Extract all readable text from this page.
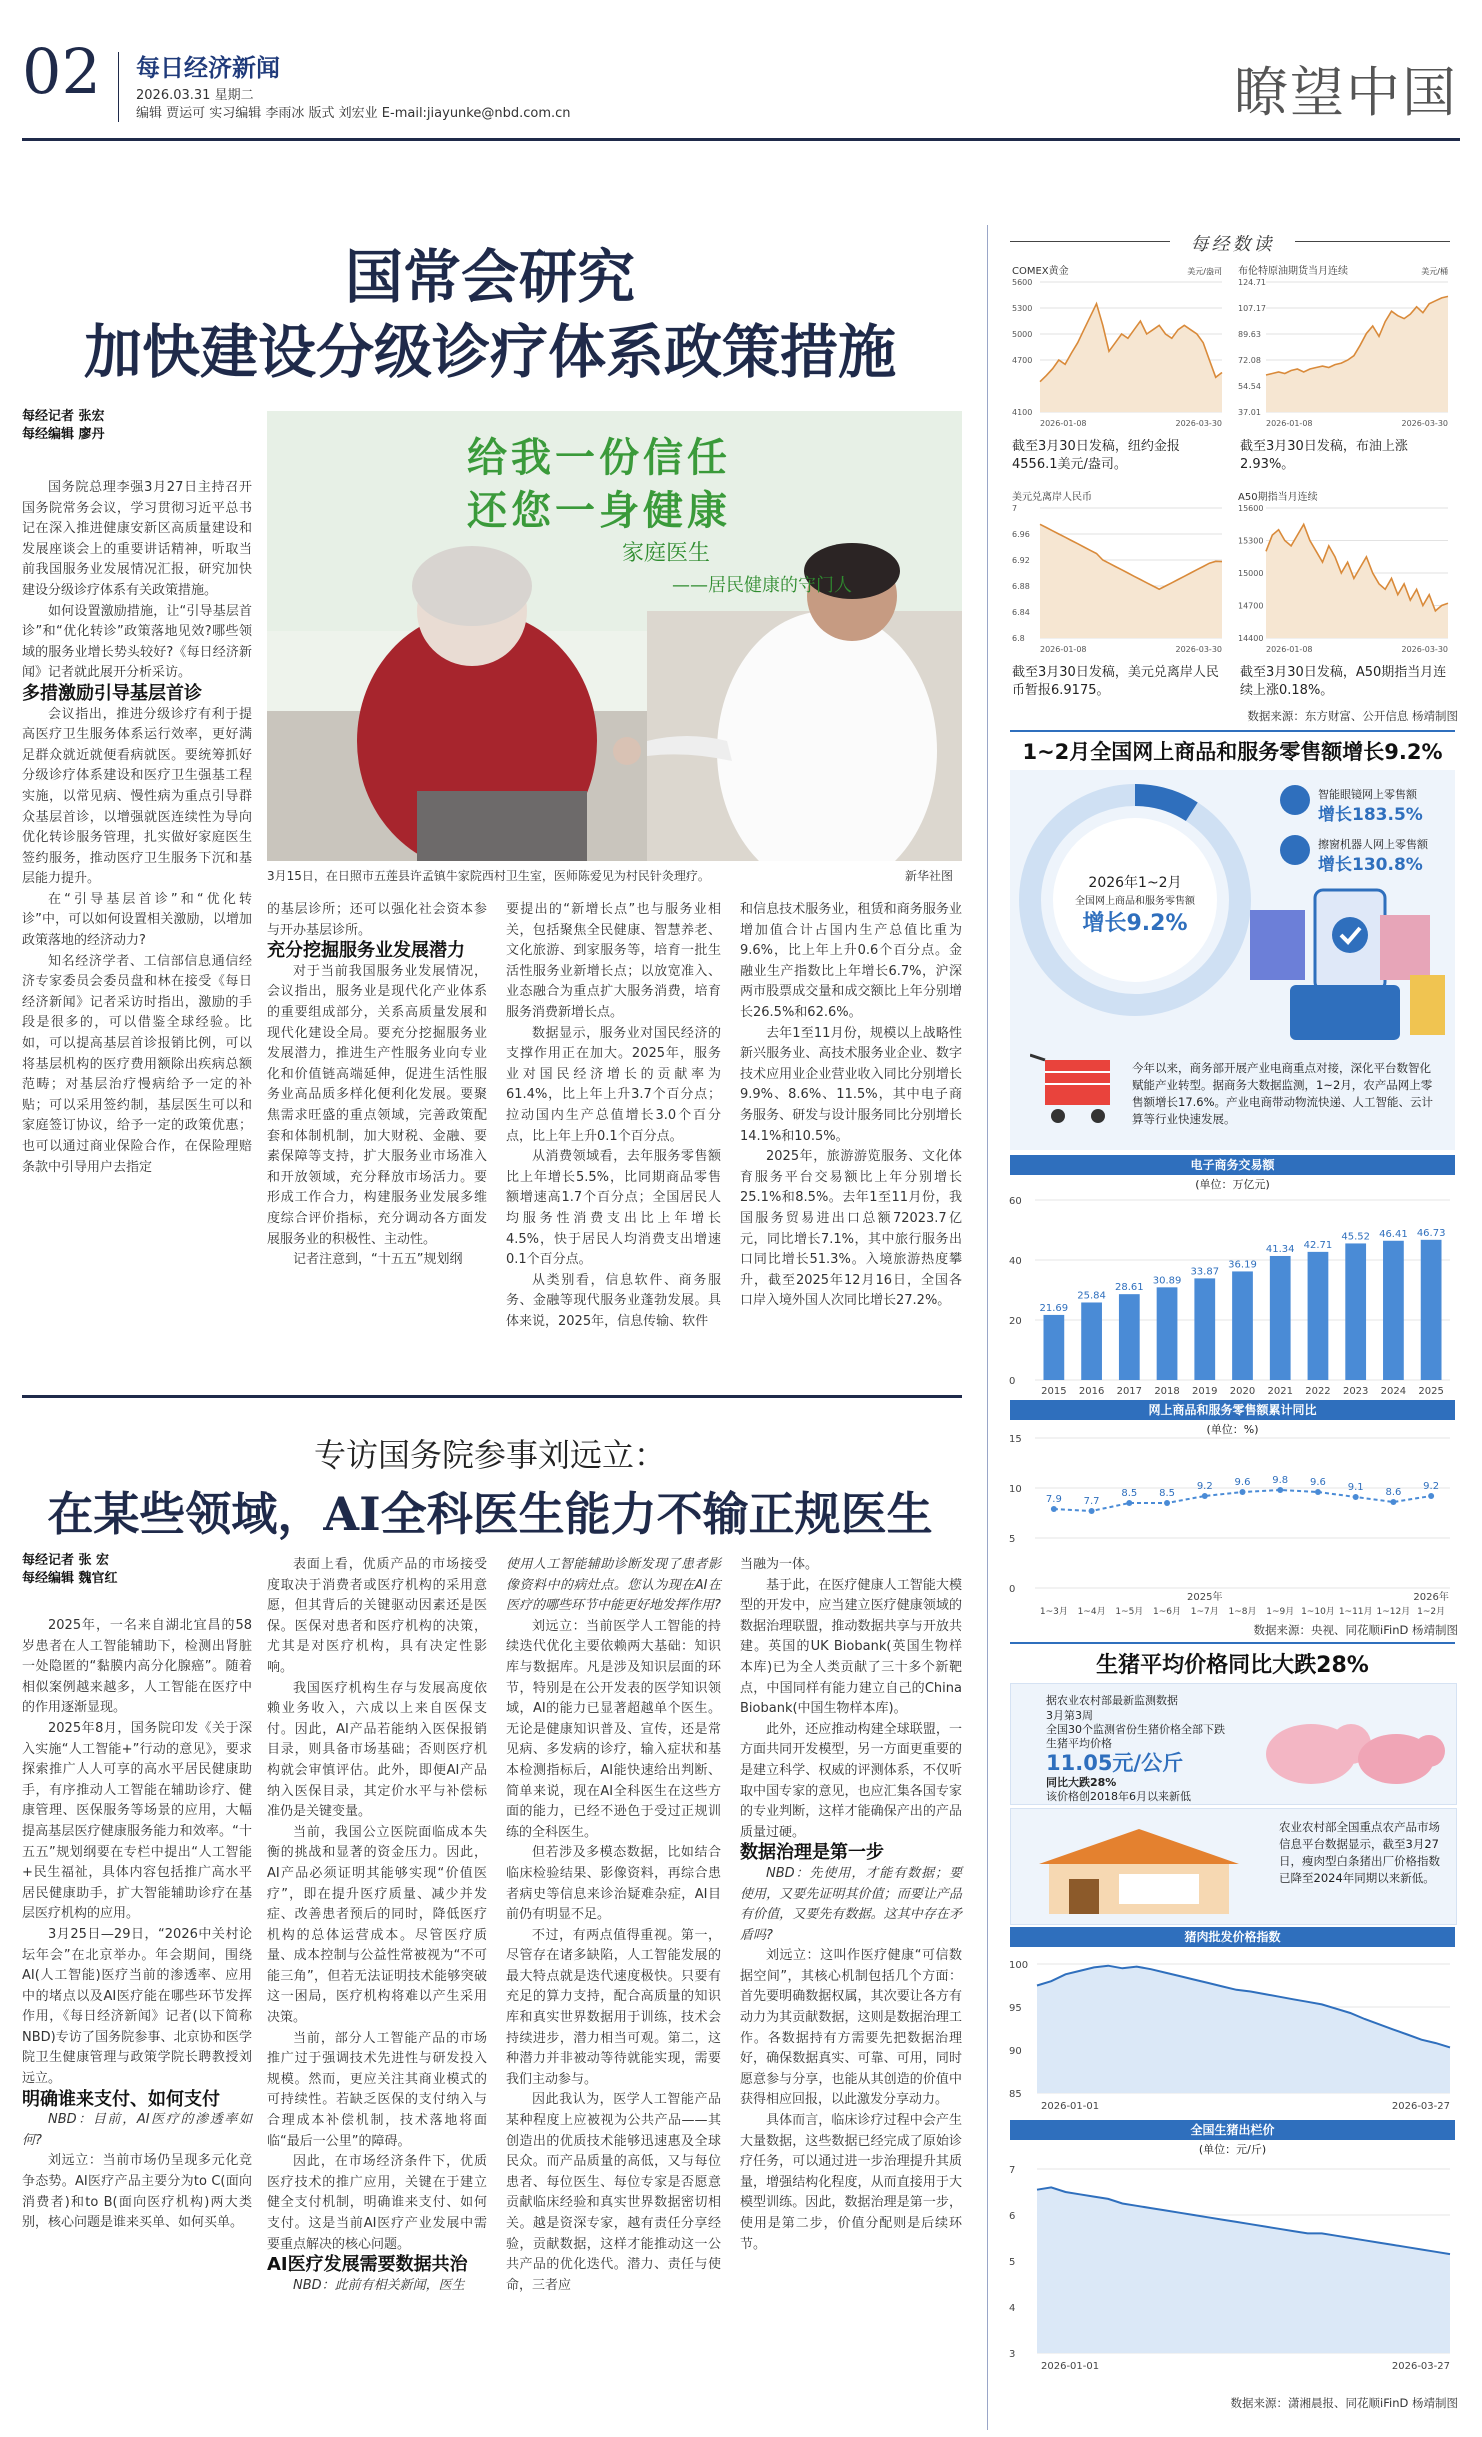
02 每日经济新闻
2026.03.31 星期二
编辑 贾运可 实习编辑 李雨冰 版式 刘宏业 E-mail:jiayunke@nbd.com.cn	瞭望中国
国常会研究
加快建设分级诊疗体系政策措施
每经记者 张宏
每经编辑 廖丹
给我一份信任
还您一身健康
家庭医生
——居民健康的守门人
3月15日，在日照市五莲县许孟镇牛家院西村卫生室，医师陈爱见为村民针灸理疗。	新华社图

国务院总理李强3月27日主持召开国务院常务会议，学习贯彻习近平总书记在深入推进健康安新区高质量建设和发展座谈会上的重要讲话精神，听取当前我国服务业发展情况汇报，研究加快建设分级诊疗体系有关政策措施。

如何设置激励措施，让“引导基层首诊”和“优化转诊”政策落地见效?哪些领域的服务业增长势头较好?《每日经济新闻》记者就此展开分析采访。

多措激励引导基层首诊

会议指出，推进分级诊疗有利于提高医疗卫生服务体系运行效率，更好满足群众就近就便看病就医。要统筹抓好分级诊疗体系建设和医疗卫生强基工程实施，以常见病、慢性病为重点引导群众基层首诊，以增强就医连续性为导向优化转诊服务管理，扎实做好家庭医生签约服务，推动医疗卫生服务下沉和基层能力提升。

在“引导基层首诊”和“优化转诊”中，可以如何设置相关激励，以增加政策落地的经济动力?

知名经济学者、工信部信息通信经济专家委员会委员盘和林在接受《每日经济新闻》记者采访时指出，激励的手段是很多的，可以借鉴全球经验。比如，可以提高基层首诊报销比例，可以将基层机构的医疗费用额除出疾病总额范畴；对基层治疗慢病给予一定的补贴；可以采用签约制，基层医生可以和家庭签订协议，给予一定的政策优惠；也可以通过商业保险合作，在保险理赔条款中引导用户去指定

的基层诊所；还可以强化社会资本参与开办基层诊所。

充分挖掘服务业发展潜力

对于当前我国服务业发展情况，会议指出，服务业是现代化产业体系的重要组成部分，关系高质量发展和现代化建设全局。要充分挖掘服务业发展潜力，推进生产性服务业向专业化和价值链高端延伸，促进生活性服务业高品质多样化便利化发展。要聚焦需求旺盛的重点领域，完善政策配套和体制机制，加大财税、金融、要素保障等支持，扩大服务业市场准入和开放领域，充分释放市场活力。要形成工作合力，构建服务业发展多维度综合评价指标，充分调动各方面发展服务业的积极性、主动性。

记者注意到，“十五五”规划纲

要提出的“新增长点”也与服务业相关，包括聚焦全民健康、智慧养老、文化旅游、到家服务等，培育一批生活性服务业新增长点；以放宽准入、业态融合为重点扩大服务消费，培育服务消费新增长点。

数据显示，服务业对国民经济的支撑作用正在加大。2025年，服务业对国民经济增长的贡献率为61.4%，比上年上升3.7个百分点；拉动国内生产总值增长3.0个百分点，比上年上升0.1个百分点。

从消费领域看，去年服务零售额比上年增长5.5%，比同期商品零售额增速高1.7个百分点；全国居民人均服务性消费支出比上年增长4.5%，快于居民人均消费支出增速0.1个百分点。

从类别看，信息软件、商务服务、金融等现代服务业蓬勃发展。具体来说，2025年，信息传输、软件

和信息技术服务业，租赁和商务服务业增加值合计占国内生产总值比重为9.6%，比上年上升0.6个百分点。金融业生产指数比上年增长6.7%，沪深两市股票成交量和成交额比上年分别增长26.5%和62.6%。

去年1至11月份，规模以上战略性新兴服务业、高技术服务业企业、数字技术应用业企业营业收入同比分别增长9.9%、8.6%、11.5%，其中电子商务服务、研发与设计服务同比分别增长14.1%和10.5%。

2025年，旅游游览服务、文化体育服务平台交易额比上年分别增长25.1%和8.5%。去年1至11月份，我国服务贸易进出口总额72023.7亿元，同比增长7.1%，其中旅行服务出口同比增长51.3%。入境旅游热度攀升，截至2025年12月16日，全国各口岸入境外国人次同比增长27.2%。

专访国务院参事刘远立：
在某些领域，AI全科医生能力不输正规医生
每经记者 张 宏
每经编辑 魏官红

2025年，一名来自湖北宜昌的58岁患者在人工智能辅助下，检测出肾脏一处隐匿的“黏膜内高分化腺癌”。随着相似案例越来越多，人工智能在医疗中的作用逐渐显现。

2025年8月，国务院印发《关于深入实施“人工智能+”行动的意见》，要求探索推广人人可享的高水平居民健康助手，有序推动人工智能在辅助诊疗、健康管理、医保服务等场景的应用，大幅提高基层医疗健康服务能力和效率。“十五五”规划纲要在专栏中提出“人工智能+民生福祉，具体内容包括推广高水平居民健康助手，扩大智能辅助诊疗在基层医疗机构的应用。

3月25日—29日，“2026中关村论坛年会”在北京举办。年会期间，围绕AI(人工智能)医疗当前的渗透率、应用中的堵点以及AI医疗能在哪些环节发挥作用，《每日经济新闻》记者(以下简称NBD)专访了国务院参事、北京协和医学院卫生健康管理与政策学院长聘教授刘远立。

明确谁来支付、如何支付

NBD：目前，AI医疗的渗透率如何?

刘远立：当前市场仍呈现多元化竞争态势。AI医疗产品主要分为to C(面向消费者)和to B(面向医疗机构)两大类别，核心问题是谁来买单、如何买单。

表面上看，优质产品的市场接受度取决于消费者或医疗机构的采用意愿，但其背后的关键驱动因素还是医保。医保对患者和医疗机构的决策，尤其是对医疗机构，具有决定性影响。

我国医疗机构生存与发展高度依赖业务收入，六成以上来自医保支付。因此，AI产品若能纳入医保报销目录，则具备市场基础；否则医疗机构就会审慎评估。此外，即便AI产品纳入医保目录，其定价水平与补偿标准仍是关键变量。

当前，我国公立医院面临成本失衡的挑战和显著的资金压力。因此，AI产品必须证明其能够实现“价值医疗”，即在提升医疗质量、减少并发症、改善患者预后的同时，降低医疗机构的总体运营成本。尽管医疗质量、成本控制与公益性常被视为“不可能三角”，但若无法证明技术能够突破这一困局，医疗机构将难以产生采用决策。

当前，部分人工智能产品的市场推广过于强调技术先进性与研发投入规模。然而，更应关注其商业模式的可持续性。若缺乏医保的支付纳入与合理成本补偿机制，技术落地将面临“最后一公里”的障碍。

因此，在市场经济条件下，优质医疗技术的推广应用，关键在于建立健全支付机制，明确谁来支付、如何支付。这是当前AI医疗产业发展中需要重点解决的核心问题。

AI医疗发展需要数据共治

NBD：此前有相关新闻，医生

使用人工智能辅助诊断发现了患者影像资料中的病灶点。您认为现在AI在医疗的哪些环节中能更好地发挥作用?

刘远立：当前医学人工智能的持续迭代优化主要依赖两大基础：知识库与数据库。凡是涉及知识层面的环节，特别是在公开发表的医学知识领域，AI的能力已显著超越单个医生。无论是健康知识普及、宣传，还是常见病、多发病的诊疗，输入症状和基本检测指标后，AI能快速给出判断、简单来说，现在AI全科医生在这些方面的能力，已经不逊色于受过正规训练的全科医生。

但若涉及多模态数据，比如结合临床检验结果、影像资料，再综合患者病史等信息来诊治疑难杂症，AI目前仍有明显不足。

不过，有两点值得重视。第一，尽管存在诸多缺陷，人工智能发展的最大特点就是迭代速度极快。只要有充足的算力支持，配合高质量的知识库和真实世界数据用于训练，技术会持续进步，潜力相当可观。第二，这种潜力并非被动等待就能实现，需要我们主动参与。

因此我认为，医学人工智能产品某种程度上应被视为公共产品——其创造出的优质技术能够迅速惠及全球民众。而产品质量的高低，又与每位患者、每位医生、每位专家是否愿意贡献临床经验和真实世界数据密切相关。越是资深专家，越有责任分享经验，贡献数据，这样才能推动这一公共产品的优化迭代。潜力、责任与使命，三者应

当融为一体。

基于此，在医疗健康人工智能大模型的开发中，应当建立医疗健康领域的数据治理联盟，推动数据共享与开放共建。英国的UK Biobank(英国生物样本库)已为全人类贡献了三十多个新靶点，中国同样有能力建立自己的China Biobank(中国生物样本库)。

此外，还应推动构建全球联盟，一方面共同开发模型，另一方面更重要的是建立科学、权威的评测体系，不仅听取中国专家的意见，也应汇集各国专家的专业判断，这样才能确保产出的产品质量过硬。

数据治理是第一步

NBD：先使用，才能有数据；要使用，又要先证明其价值；而要让产品有价值，又要先有数据。这其中存在矛盾吗?

刘远立：这叫作医疗健康“可信数据空间”，其核心机制包括几个方面：首先要明确数据权属，其次要让各方有动力为其贡献数据，这则是数据治理工作。各数据持有方需要先把数据治理好，确保数据真实、可靠、可用，同时愿意参与分享，也能从其创造的价值中获得相应回报，以此激发分享动力。

具体而言，临床诊疗过程中会产生大量数据，这些数据已经完成了原始诊疗任务，可以通过进一步治理提升其质量，增强结构化程度，从而直接用于大模型训练。因此，数据治理是第一步，使用是第二步，价值分配则是后续环节。

每经数读
COMEX黄金	美元/盎司
4100
4700
5000
5300
5600
2026-01-08	2026-03-30
布伦特原油期货当月连续	美元/桶
37.01
54.54
72.08
89.63
107.17
124.71
2026-01-08	2026-03-30
截至3月30日发稿，纽约金报4556.1美元/盎司。
截至3月30日发稿，布油上涨2.93%。
美元兑离岸人民币
6.8
6.84
6.88
6.92
6.96
7
2026-01-08	2026-03-30
A50期指当月连续
14400
14700
15000
15300
15600
2026-01-08	2026-03-30
截至3月30日发稿，美元兑离岸人民币暂报6.9175。
截至3月30日发稿，A50期指当月连续上涨0.18%。
数据来源：东方财富、公开信息 杨靖制图
1~2月全国网上商品和服务零售额增长9.2%
2026年1~2月
全国网上商品和服务零售额
增长9.2%
智能眼镜网上零售额
增长183.5%
擦窗机器人网上零售额
增长130.8%
今年以来，商务部开展产业电商重点对接，深化平台数智化赋能产业转型。据商务大数据监测，1~2月，农产品网上零售额增长17.6%。产业电商带动物流快递、人工智能、云计算等行业快速发展。
电子商务交易额
(单位：万亿元)
0
20
40
60
21.69
2015
25.84
2016
28.61
2017
30.89
2018
33.87
2019
36.19
2020
41.34
2021
42.71
2022
45.52
2023
46.41
2024
46.73
2025
网上商品和服务零售额累计同比
(单位：%)
0
5
10
15
7.9
1~3月
7.7
1~4月
8.5
1~5月
8.5
1~6月
9.2
1~7月
9.6
1~8月
9.8
1~9月
9.6
1~10月
9.1
1~11月
8.6
1~12月
9.2
1~2月
2025年	2026年
数据来源：央视、同花顺iFinD 杨靖制图
生猪平均价格同比大跌28%
据农业农村部最新监测数据
3月第3周
全国30个监测省份生猪价格全部下跌
生猪平均价格
11.05元/公斤
同比大跌28%
该价格创2018年6月以来新低
农业农村部全国重点农产品市场信息平台数据显示，截至3月27日，瘦肉型白条猪出厂价格指数已降至2024年同期以来新低。
猪肉批发价格指数
85
90
95
100
2026-01-01	2026-03-27
全国生猪出栏价
(单位：元/斤)
3
4
5
6
7
2026-01-01	2026-03-27
数据来源：潇湘晨报、同花顺iFinD 杨靖制图
